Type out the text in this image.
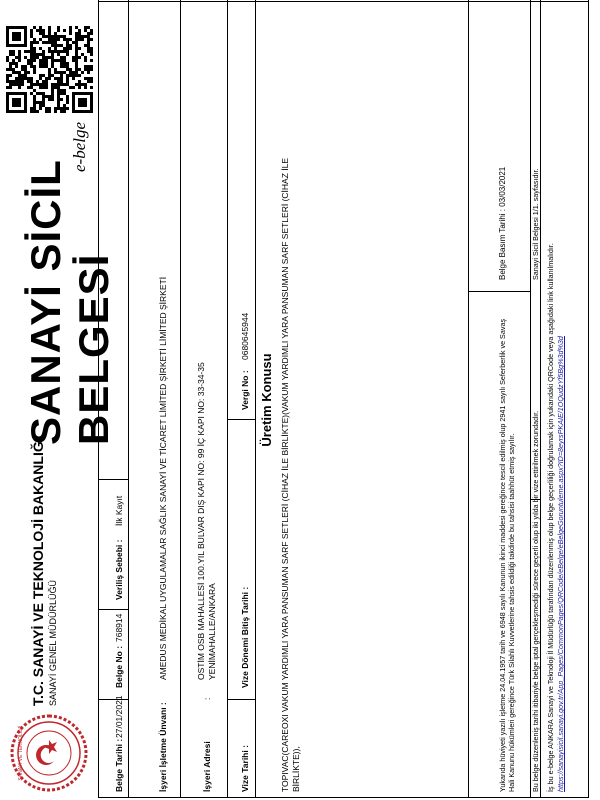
SANAYİ VE TEKNOLOJİ
T.C. SANAYİ VE TEKNOLOJİ BAKANLIĞI SANAYİ GENEL MÜDÜRLÜĞÜ
SANAYİ SİCİL BELGESİ
e-belge
Belge Tarihi :
27/01/2021
Belge No :
768914
Veriliş Sebebi :
İlk Kayıt
İşyeri İşletme Ünvanı :
AMEDUS MEDİKAL UYGULAMALAR SAĞLIK SANAYİ VE TİCARET LİMİTED ŞİRKETİ LİMİTED ŞİRKETİ
İşyeri Adresi
:
OSTİM OSB MAHALLESİ 100.YIL BULVAR DIŞ KAPI NO: 99 İÇ KAPI NO: 33-34-35 YENİMAHALLE/ANKARA
Vize Tarihi :
Vize Dönemi Bitiş Tarihi :
Vergi No :
0680645944
Üretim Konusu TOPIVAC(CAREOXI VAKUM YARDIMLI YARA PANSUMAN SARF SETLERİ (CİHAZ İLE BİRLİKTE)(VAKUM YARDIMLI YARA PANSUMAN SARF SETLERİ (CİHAZ İLE BİRLİKTE)),	Yukarıda hüviyeti yazılı işletme 24.04.1957 tarih ve 6948 sayılı Kanunun ikinci maddesi gereğince tescil edilmiş olup 2941 sayılı Seferberlik ve Savaş Hali Kanunu hükümleri gereğince Türk Silahlı Kuvvetlerine tahsis edildiği takdirde bu tahsisi taahhüt etmiş sayılır.
Belge Basım Tarihi : 03/03/2021
Bu belge düzenleniş tarihi itibariyle belge iptal gerçekleşmediği sürece geçerli olup iki yılda bir vize ettirilmek zorundadır.
Sanayi Sicil Belgesi 1/1. sayfasıdır.
İş bu e-belge ANKARA Sanayi ve Teknoloji İl Müdürlüğü tarafından düzenlenmiş olup belge geçerliliği doğrulamak için yukarıdaki QRCode veya aşağıdaki link kullanılmalıdır. https://sanayisicil.sanayi.gov.tr/App_Pages/CommonPages/QRCode/eBelge/eBelgeGoruntuleme.aspx?ID=8eyrsPKAIE/1OQudzYf5Bg%3d%3d
